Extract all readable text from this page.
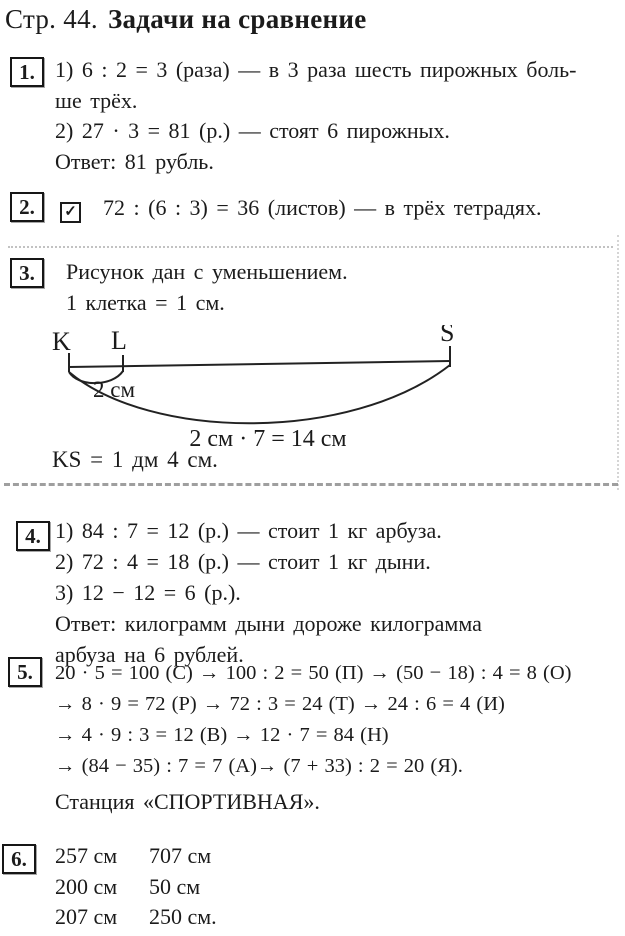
Стр. 44. Задачи на сравнение
1. 1) 6 : 2 = 3 (раза) — в 3 раза шесть пирожных боль-
ше трёх.
2) 27 · 3 = 81 (р.) — стоят 6 пирожных.
Ответ: 81 рубль.
2. ✓ 72 : (6 : 3) = 36 (листов) — в трёх тетрадях.
3. Рисунок дан с уменьшением.
1 клетка = 1 см.
K L	S
2 см
2 см · 7 = 14 см
KS = 1 дм 4 см.
4. 1) 84 : 7 = 12 (р.) — стоит 1 кг арбуза.
2) 72 : 4 = 18 (р.) — стоит 1 кг дыни.
3) 12 − 12 = 6 (р.).
Ответ: килограмм дыни дороже килограмма
арбуза на 6 рублей.
5. 20 · 5 = 100 (С) → 100 : 2 = 50 (П) → (50 − 18) : 4 = 8 (О)
→ 8 · 9 = 72 (Р) → 72 : 3 = 24 (Т) → 24 : 6 = 4 (И)
→ 4 · 9 : 3 = 12 (В) → 12 · 7 = 84 (Н)
→ (84 − 35) : 7 = 7 (А)→ (7 + 33) : 2 = 20 (Я).
Станция «СПОРТИВНАЯ».
6. 257 см 707 см
200 см 50 см
207 см 250 см.
